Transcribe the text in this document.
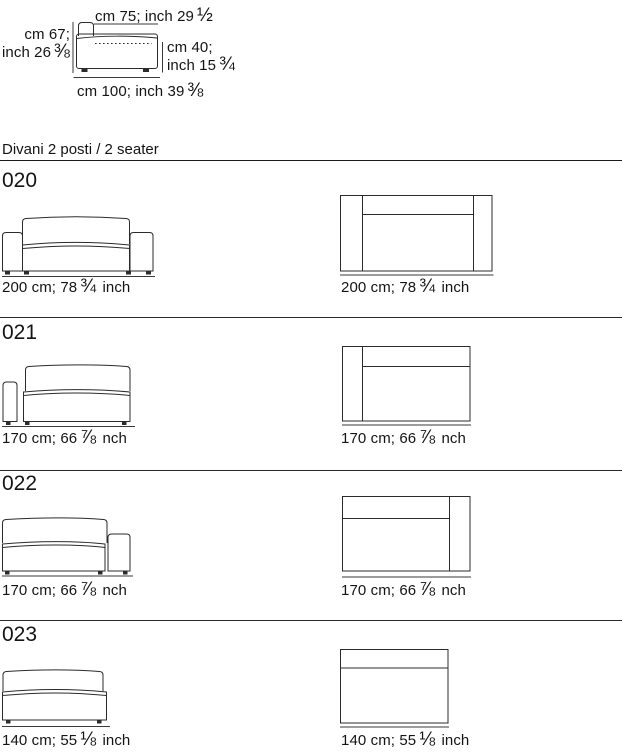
cm 75; inch 29 ½
cm 67;
inch 26 ⅜	cm 40;
inch 15 ¾
cm 100; inch 39 ⅜
Divani 2 posti / 2 seater
020
200 cm; 78 ¾ inch	200 cm; 78 ¾ inch
021
170 cm; 66 ⅞ nch	170 cm; 66 ⅞ nch
022
170 cm; 66 ⅞ nch	170 cm; 66 ⅞ nch
023
140 cm; 55 ⅛ inch	140 cm; 55 ⅛ inch
